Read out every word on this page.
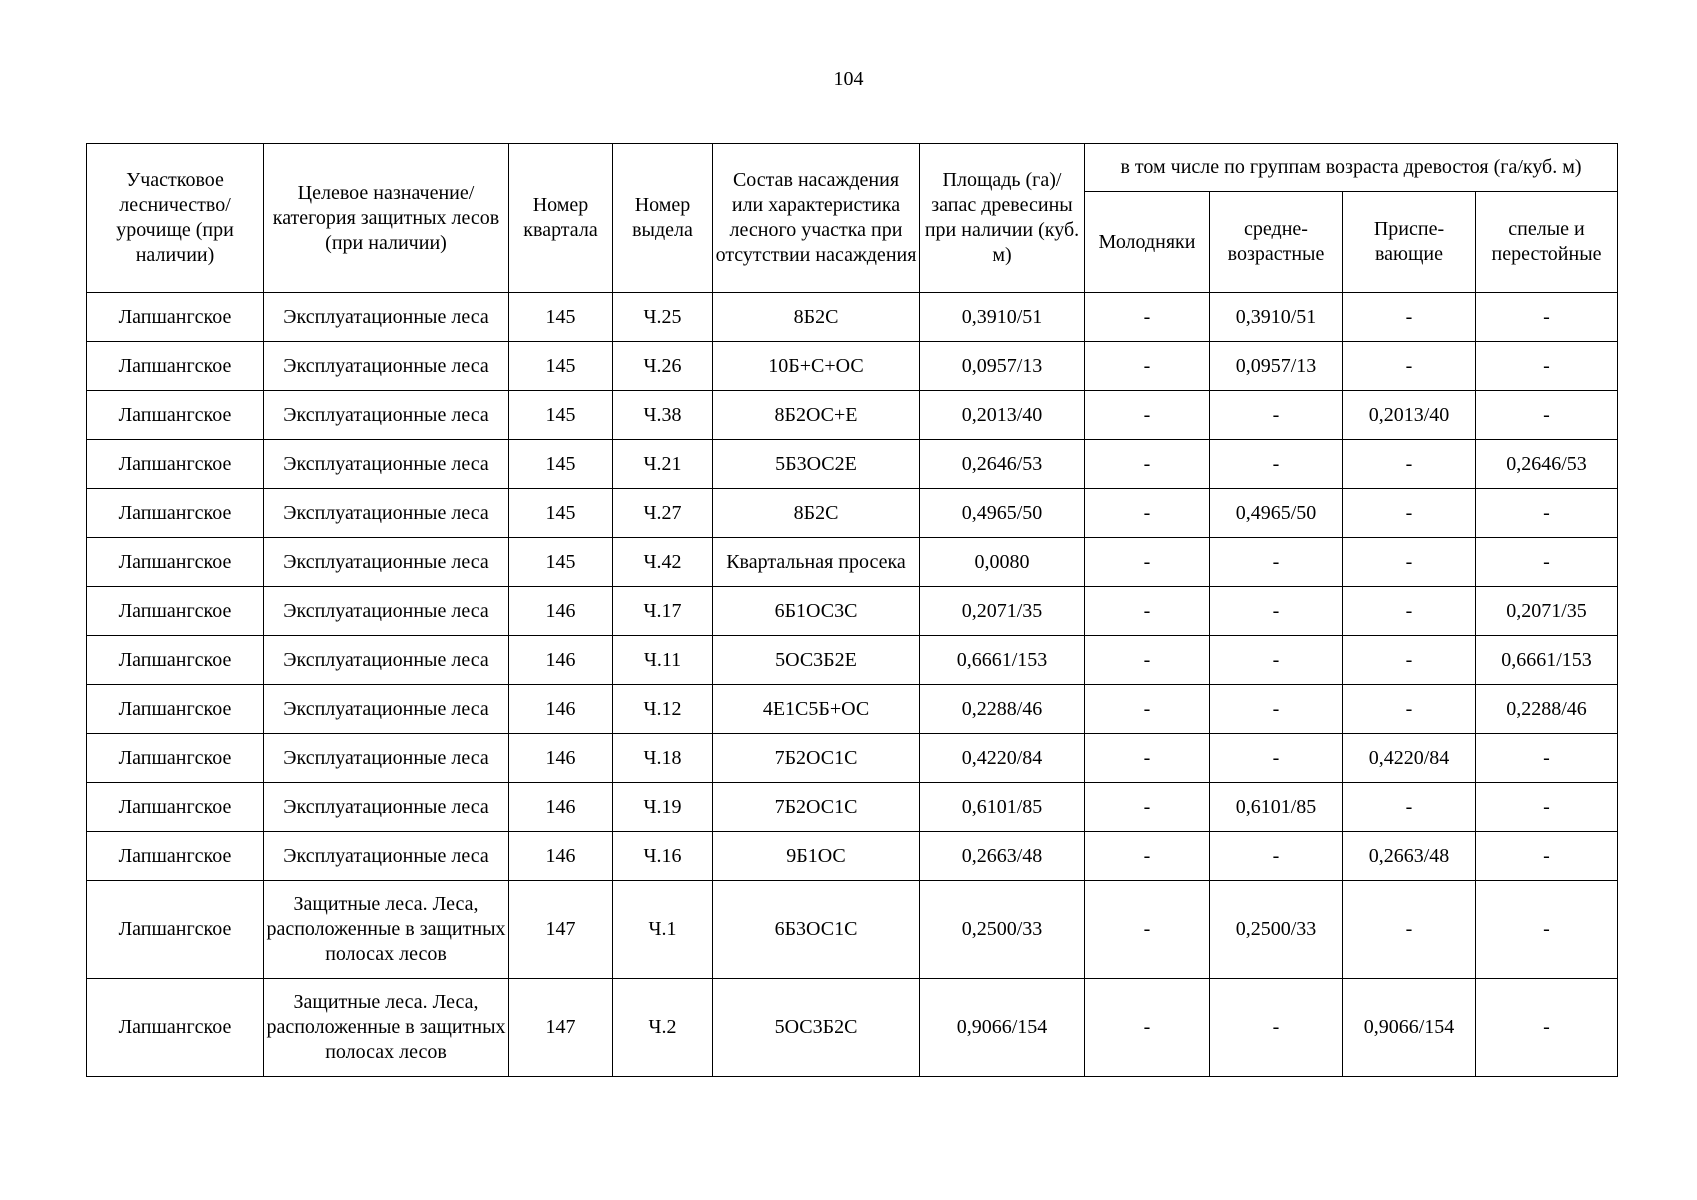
104
Участковое лесничество/ урочище (при наличии)	Целевое назначение/ категория защитных лесов (при наличии)	Номер квартала	Номер выдела	Состав насаждения или характеристика лесного участка при отсутствии насаждения	Площадь (га)/ запас древесины при наличии (куб. м)	в том числе по группам возраста древостоя (га/куб. м)			
						Молодняки	средне-возрастные	Приспе-вающие	спелые и перестойные
Лапшангское	Эксплуатационные леса	145	Ч.25	8Б2С	0,3910/51	-	0,3910/51	-	-
Лапшангское	Эксплуатационные леса	145	Ч.26	10Б+С+ОС	0,0957/13	-	0,0957/13	-	-
Лапшангское	Эксплуатационные леса	145	Ч.38	8Б2ОС+Е	0,2013/40	-	-	0,2013/40	-
Лапшангское	Эксплуатационные леса	145	Ч.21	5Б3ОС2Е	0,2646/53	-	-	-	0,2646/53
Лапшангское	Эксплуатационные леса	145	Ч.27	8Б2С	0,4965/50	-	0,4965/50	-	-
Лапшангское	Эксплуатационные леса	145	Ч.42	Квартальная просека	0,0080	-	-	-	-
Лапшангское	Эксплуатационные леса	146	Ч.17	6Б1ОС3С	0,2071/35	-	-	-	0,2071/35
Лапшангское	Эксплуатационные леса	146	Ч.11	5ОС3Б2Е	0,6661/153	-	-	-	0,6661/153
Лапшангское	Эксплуатационные леса	146	Ч.12	4Е1С5Б+ОС	0,2288/46	-	-	-	0,2288/46
Лапшангское	Эксплуатационные леса	146	Ч.18	7Б2ОС1С	0,4220/84	-	-	0,4220/84	-
Лапшангское	Эксплуатационные леса	146	Ч.19	7Б2ОС1С	0,6101/85	-	0,6101/85	-	-
Лапшангское	Эксплуатационные леса	146	Ч.16	9Б1ОС	0,2663/48	-	-	0,2663/48	-
Лапшангское	Защитные леса. Леса, расположенные в защитных полосах лесов	147	Ч.1	6Б3ОС1С	0,2500/33	-	0,2500/33	-	-
Лапшангское	Защитные леса. Леса, расположенные в защитных полосах лесов	147	Ч.2	5ОС3Б2С	0,9066/154	-	-	0,9066/154	-
